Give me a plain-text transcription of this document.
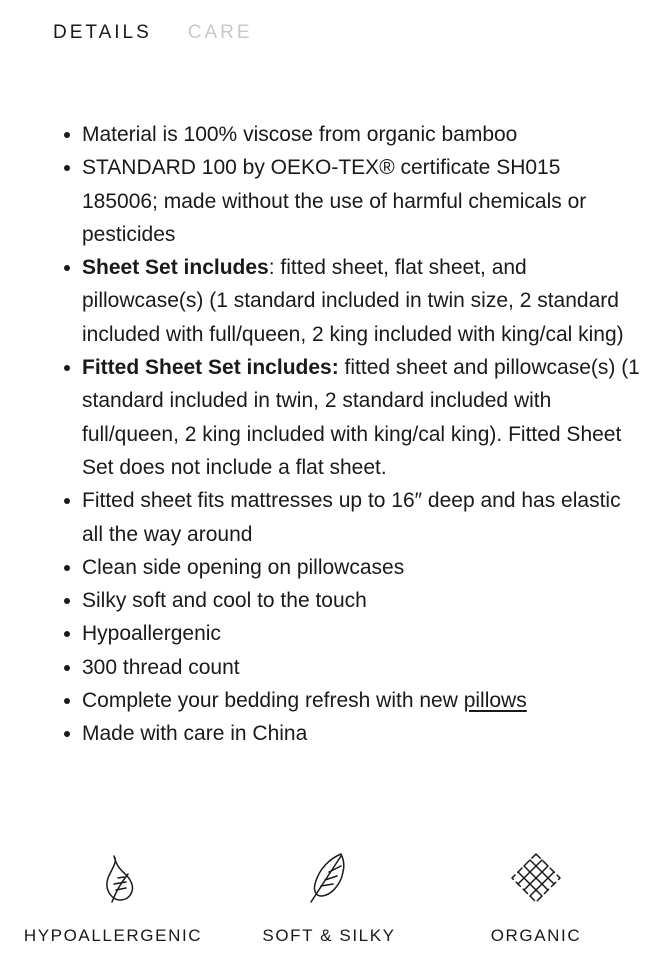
DETAILS CARE
Material is 100% viscose from organic bamboo
STANDARD 100 by OEKO-TEX® certificate SH015 185006; made without the use of harmful chemicals or pesticides
Sheet Set includes: fitted sheet, flat sheet, and pillowcase(s) (1 standard included in twin size, 2 standard included with full/queen, 2 king included with king/cal king)
Fitted Sheet Set includes: fitted sheet and pillowcase(s) (1 standard included in twin, 2 standard included with full/queen, 2 king included with king/cal king). Fitted Sheet Set does not include a flat sheet.
Fitted sheet fits mattresses up to 16″ deep and has elastic all the way around
Clean side opening on pillowcases
Silky soft and cool to the touch
Hypoallergenic
300 thread count
Complete your bedding refresh with new pillows
Made with care in China
HYPOALLERGENIC	SOFT & SILKY	ORGANIC
